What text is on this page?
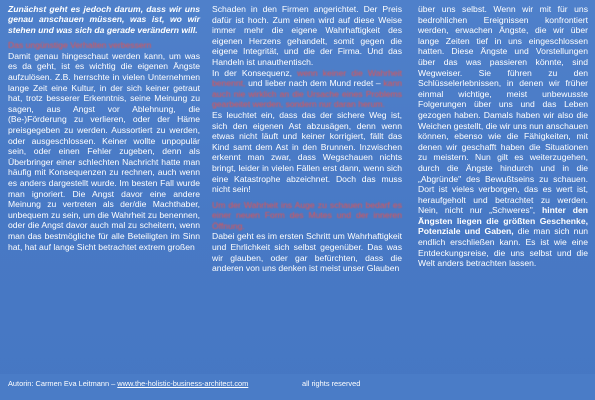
Zunächst geht es jedoch darum, dass wir uns genau anschauen müssen, was ist, wo wir stehen und was sich da gerade verändern will.

Das ungünstige Verhalten verbessern

Damit genau hingeschaut werden kann, um was es da geht, ist es wichtig die eigenen Ängste aufzulösen. Z.B. herrschte in vielen Unternehmen lange Zeit eine Kultur, in der sich keiner getraut hat, trotz besserer Erkenntnis, seine Meinung zu sagen, aus Angst vor Ablehnung, die (Be-)Förderung zu verlieren, oder der Häme preisgegeben zu werden. Aussortiert zu werden, oder ausgeschlossen. Keiner wollte unpopulär sein, oder einen Fehler zugeben, denn als Überbringer einer schlechten Nachricht hatte man häufig mit Konsequenzen zu rechnen, auch wenn es anders dargestellt wurde. Im besten Fall wurde man ignoriert. Die Angst davor eine andere Meinung zu vertreten als der/die Machthaber, unbequem zu sein, um die Wahrheit zu benennen, oder die Angst davor auch mal zu scheitern, wenn man das bestmögliche für alle Beteiligten im Sinn hat, hat auf lange Sicht betrachtet extrem großen

Schaden in den Firmen angerichtet. Der Preis dafür ist hoch. Zum einen wird auf diese Weise immer mehr die eigene Wahrhaftigkeit des eigenen Herzens gehandelt, somit gegen die eigene Integrität, und die der Firma. Und das Handeln ist unauthentisch.

In der Konsequenz, wenn keiner die Wahrheit benennt, und lieber nach dem Mund redet – kann auch nie wirklich an die Ursache eines Problems gearbeitet werden, sondern nur daran herum.

Es leuchtet ein, dass das der sichere Weg ist, sich den eigenen Ast abzusägen, denn wenn etwas nicht läuft und keiner korrigiert, fällt das Kind samt dem Ast in den Brunnen. Inzwischen erkennt man zwar, dass Wegschauen nichts bringt, leider in vielen Fällen erst dann, wenn sich eine Katastrophe abzeichnet. Doch das muss nicht sein!

Um der Wahrheit ins Auge zu schauen bedarf es einer neuen Form des Mutes und der inneren Öffnung.

Dabei geht es im ersten Schritt um Wahrhaftigkeit und Ehrlichkeit sich selbst gegenüber. Das was wir glauben, oder gar befürchten, dass die anderen von uns denken ist meist unser Glauben

über uns selbst. Wenn wir mit für uns bedrohlichen Ereignissen konfrontiert werden, erwachen Ängste, die wir über lange Zeiten tief in uns eingeschlossen hatten. Diese Ängste und Vorstellungen über das was passieren könnte, sind Wegweiser. Sie führen zu den Schlüsselerlebnissen, in denen wir früher einmal wichtige, meist unbewusste Folgerungen über uns und das Leben gezogen haben. Damals haben wir also die Weichen gestellt, die wir uns nun anschauen können, ebenso wie die Fähigkeiten, mit denen wir geschafft haben die Situationen zu meistern. Nun gilt es weiterzugehen, durch die Ängste hindurch und in die „Abgründe" des Bewußtseins zu schauen. Dort ist vieles verborgen, das es wert ist, heraufgeholt und betrachtet zu werden. Nein, nicht nur „Schweres", hinter den Ängsten liegen die größten Geschenke, Potenziale und Gaben, die man sich nun endlich erschließen kann. Es ist wie eine Entdeckungsreise, die uns selbst und die Welt anders betrachten lassen.

Autorin: Carmen Eva Leitmann – www.the-holistic-business-architect.com	all rights reserved
